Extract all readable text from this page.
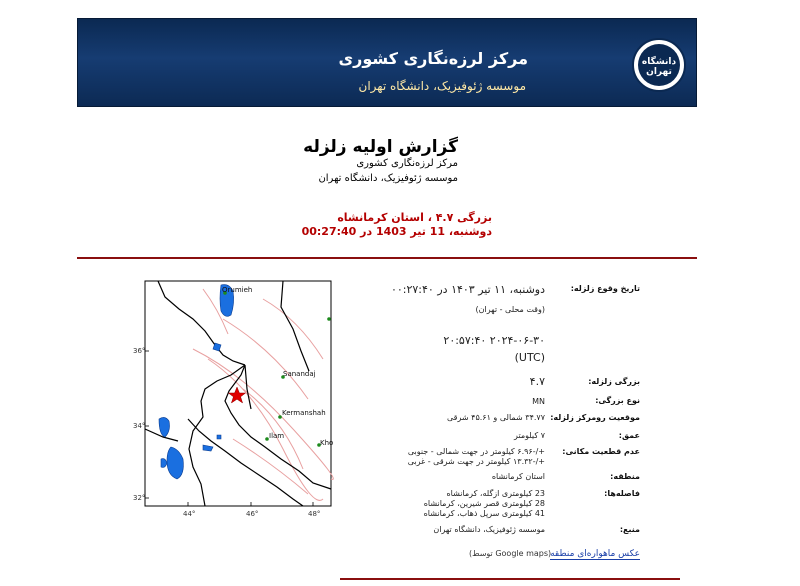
مرکز لرزه‌نگاری کشوری
موسسه ژئوفیزیک، دانشگاه تهران
دانشگاه
تهران
گزارش اولیه زلزله
مرکز لرزه‌نگاری کشوری
موسسه ژئوفیزیک، دانشگاه تهران
بزرگی ۴.۷ ، استان کرمانشاه
دوشنبه، 11 تیر 1403 در 00:27:40
Orumieh
Sanandaj
Kermanshah
Ilam
Kho
36°
34°
32°
44°	46°	48°
تاریخ وقوع زلزله:
دوشنبه، ۱۱ تیر ۱۴۰۳ در ۰۰:۲۷:۴۰
(وقت محلی - تهران)
۲۰۲۴-۰۶-۳۰ ۲۰:۵۷:۴۰
(UTC)
بزرگی زلزله:
۴.۷
نوع بزرگی:
MN
موقعیت رومرکز زلزله:
۳۴.۷۷ شمالی و ۴۵.۶۱ شرقی
عمق:
۷ کیلومتر
عدم قطعیت مکانی:
+/-۶.۹۶ کیلومتر در جهت شمالی - جنوبی
+/-۱۳.۳۲ کیلومتر در جهت شرقی - غربی
منطقه:
استان کرمانشاه
فاصله‌ها:
23 کیلومتری ازگله، کرمانشاه
28 کیلومتری قصر شیرین، کرمانشاه
41 کیلومتری سرپل ذهاب، کرمانشاه
منبع:
موسسه ژئوفیزیک، دانشگاه تهران
عکس ماهواره‌ای منطقه
(توسط Google maps)
